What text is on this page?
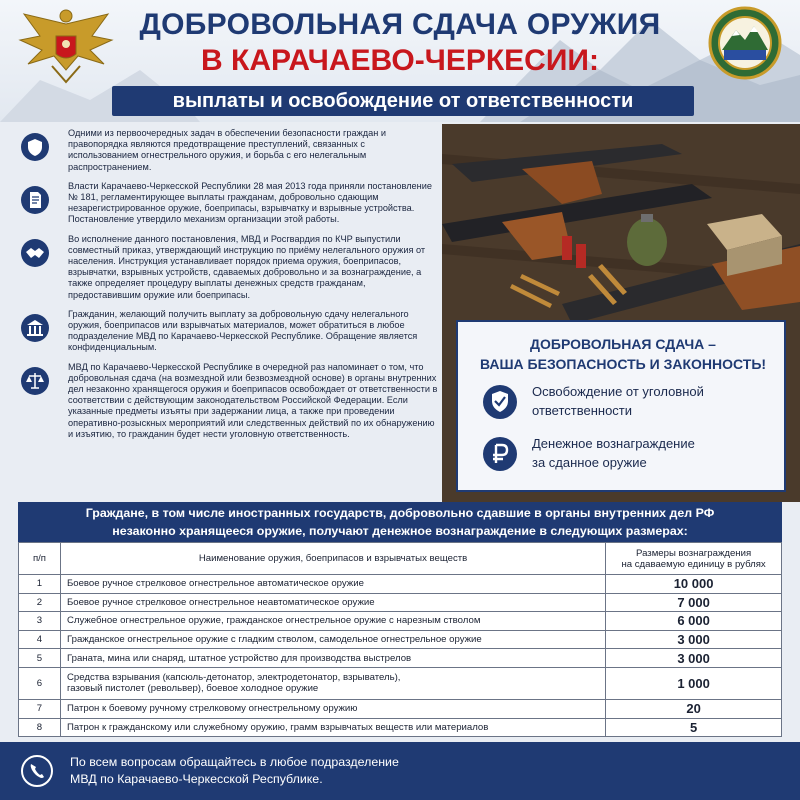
ДОБРОВОЛЬНАЯ СДАЧА ОРУЖИЯ
В КАРАЧАЕВО-ЧЕРКЕСИИ:
выплаты и освобождение от ответственности
Одними из первоочередных задач в обеспечении безопасности граждан и правопорядка являются предотвращение преступлений, связанных с использованием огнестрельного оружия, и борьба с его нелегальным распространением.
Власти Карачаево-Черкесской Республики 28 мая 2013 года приняли постановление № 181, регламентирующее выплаты гражданам, добровольно сдающим незарегистрированное оружие, боеприпасы, взрывчатку и взрывные устройства. Постановление утвердило механизм организации этой работы.
Во исполнение данного постановления, МВД и Росгвардия по КЧР выпустили совместный приказ, утверждающий инструкцию по приёму нелегального оружия от населения. Инструкция устанавливает порядок приема оружия, боеприпасов, взрывчатки, взрывных устройств, сдаваемых добровольно и за вознаграждение, а также определяет процедуру выплаты денежных средств гражданам, предоставившим оружие или боеприпасы.
Гражданин, желающий получить выплату за добровольную сдачу нелегального оружия, боеприпасов или взрывчатых материалов, может обратиться в любое подразделение МВД по Карачаево-Черкесской Республике. Обращение является конфиденциальным.
МВД по Карачаево-Черкесской Республике в очередной раз напоминает о том, что добровольная сдача (на возмездной или безвозмездной основе) в органы внутренних дел незаконно хранящегося оружия и боеприпасов освобождает от ответственности в соответствии с действующим законодательством Российской Федерации. Если указанные предметы изъяты при задержании лица, а также при проведении оперативно-розыскных мероприятий или следственных действий по их обнаружению и изъятию, то гражданин будет нести уголовную ответственность.
ДОБРОВОЛЬНАЯ СДАЧА –
ВАША БЕЗОПАСНОСТЬ И ЗАКОННОСТЬ!
Освобождение от уголовной
ответственности
Денежное вознаграждение
за сданное оружие
Граждане, в том числе иностранных государств, добровольно сдавшие в органы внутренних дел РФ
незаконно хранящееся оружие, получают денежное вознаграждение в следующих размерах:
п/п	Наименование оружия, боеприпасов и взрывчатых веществ	Размеры вознаграждения
на сдаваемую единицу в рублях

1	Боевое ручное стрелковое огнестрельное автоматическое оружие	10 000
2	Боевое ручное стрелковое огнестрельное неавтоматическое оружие	7 000
3	Служебное огнестрельное оружие, гражданское огнестрельное оружие с нарезным стволом	6 000
4	Гражданское огнестрельное оружие с гладким стволом, самодельное огнестрельное оружие	3 000
5	Граната, мина или снаряд, штатное устройство для производства выстрелов	3 000
6	Средства взрывания (капсюль-детонатор, электродетонатор, взрыватель),
газовый пистолет (револьвер), боевое холодное оружие	1 000
7	Патрон к боевому ручному стрелковому огнестрельному оружию	20
8	Патрон к гражданскому или служебному оружию, грамм взрывчатых веществ или материалов	5
По всем вопросам обращайтесь в любое подразделение
МВД по Карачаево-Черкесской Республике.
